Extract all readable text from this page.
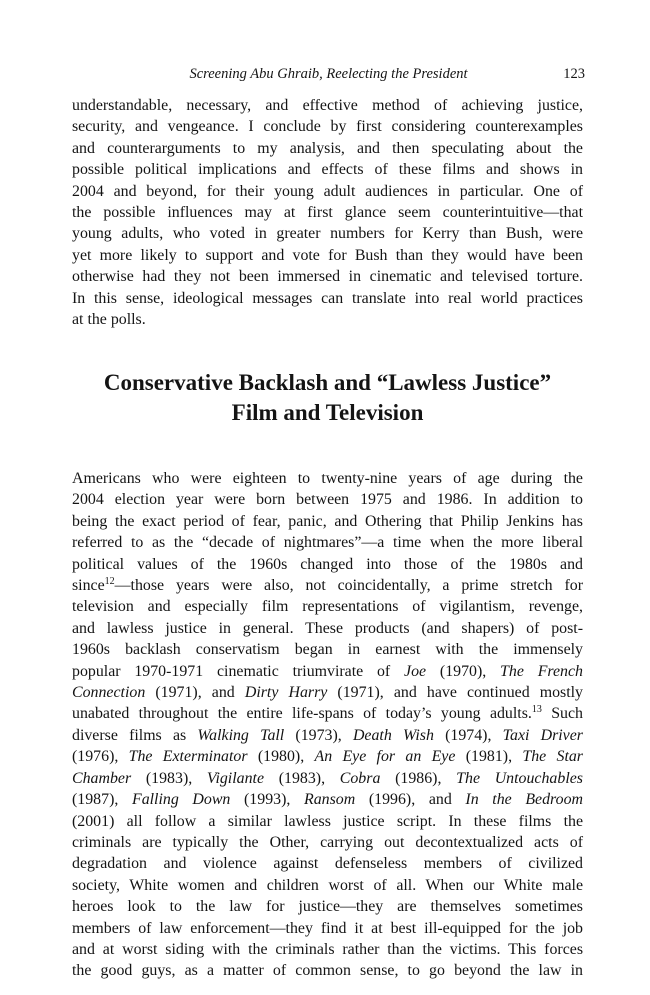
Screening Abu Ghraib, Reelecting the President	123

understandable, necessary, and effective method of achieving justice,
security, and vengeance. I conclude by first considering counterexamples
and counterarguments to my analysis, and then speculating about the
possible political implications and effects of these films and shows in
2004 and beyond, for their young adult audiences in particular. One of
the possible influences may at first glance seem counterintuitive—that
young adults, who voted in greater numbers for Kerry than Bush, were
yet more likely to support and vote for Bush than they would have been
otherwise had they not been immersed in cinematic and televised torture.
In this sense, ideological messages can translate into real world practices
at the polls.

Conservative Backlash and “Lawless Justice”
Film and Television

Americans who were eighteen to twenty-nine years of age during the
2004 election year were born between 1975 and 1986. In addition to
being the exact period of fear, panic, and Othering that Philip Jenkins has
referred to as the “decade of nightmares”—a time when the more liberal
political values of the 1960s changed into those of the 1980s and
since$^{12}$—those years were also, not coincidentally, a prime stretch for
television and especially film representations of vigilantism, revenge,
and lawless justice in general. These products (and shapers) of post-
1960s backlash conservatism began in earnest with the immensely
popular 1970-1971 cinematic triumvirate of Joe (1970), The French
Connection (1971), and Dirty Harry (1971), and have continued mostly
unabated throughout the entire life-spans of today’s young adults.$^{13}$ Such
diverse films as Walking Tall (1973), Death Wish (1974), Taxi Driver
(1976), The Exterminator (1980), An Eye for an Eye (1981), The Star
Chamber (1983), Vigilante (1983), Cobra (1986), The Untouchables
(1987), Falling Down (1993), Ransom (1996), and In the Bedroom
(2001) all follow a similar lawless justice script. In these films the
criminals are typically the Other, carrying out decontextualized acts of
degradation and violence against defenseless members of civilized
society, White women and children worst of all. When our White male
heroes look to the law for justice—they are themselves sometimes
members of law enforcement—they find it at best ill-equipped for the job
and at worst siding with the criminals rather than the victims. This forces
the good guys, as a matter of common sense, to go beyond the law in
